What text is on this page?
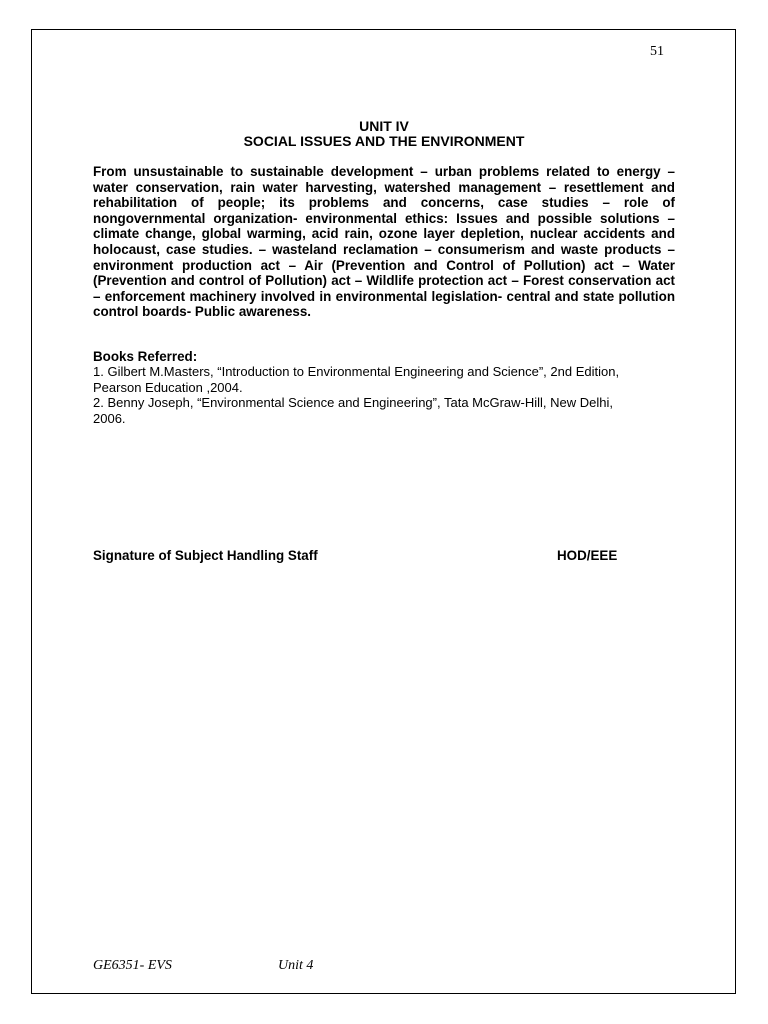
51
UNIT IV
SOCIAL ISSUES AND THE ENVIRONMENT

From unsustainable to sustainable development – urban problems related to energy – water conservation, rain water harvesting, watershed management – resettlement and rehabilitation of people; its problems and concerns, case studies – role of nongovernmental organization- environmental ethics: Issues and possible solutions – climate change, global warming, acid rain, ozone layer depletion, nuclear accidents and holocaust, case studies. – wasteland reclamation – consumerism and waste products –environment production act – Air (Prevention and Control of Pollution) act – Water (Prevention and control of Pollution) act – Wildlife protection act – Forest conservation act – enforcement machinery involved in environmental legislation- central and state pollution control boards- Public awareness.

Books Referred:
1. Gilbert M.Masters, “Introduction to Environmental Engineering and Science”, 2nd Edition, Pearson Education ,2004.
2. Benny Joseph, “Environmental Science and Engineering”, Tata McGraw-Hill, New Delhi, 2006.
Signature of Subject Handling Staff	HOD/EEE
GE6351- EVS	Unit 4
